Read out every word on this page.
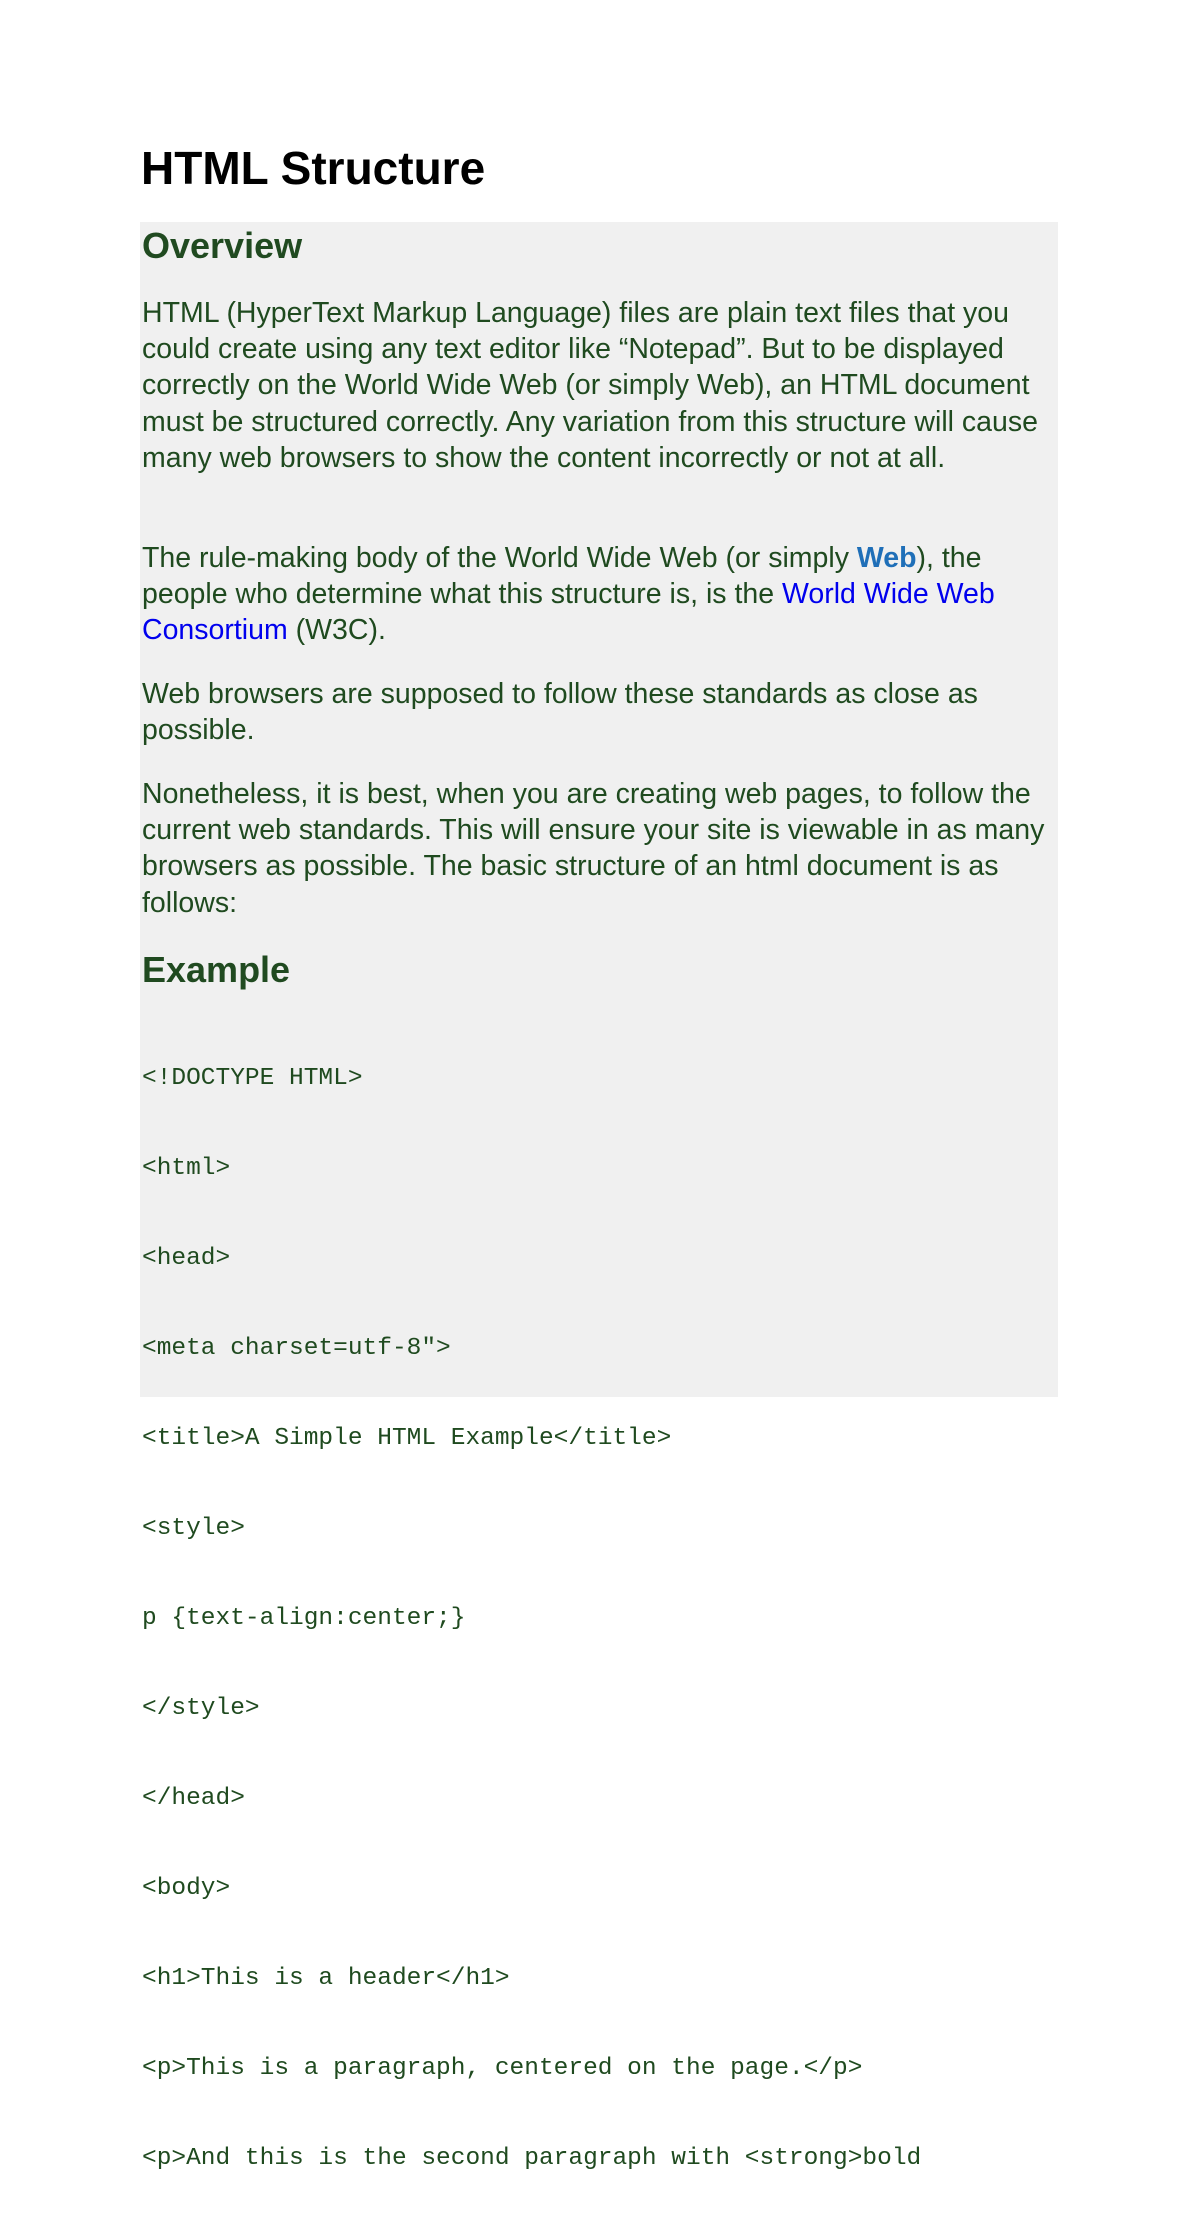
HTML Structure
Overview

HTML (HyperText Markup Language) files are plain text files that you could create using any text editor like “Notepad”. But to be displayed correctly on the World Wide Web (or simply Web), an HTML document must be structured correctly. Any variation from this structure will cause many web browsers to show the content incorrectly or not at all.

The rule-making body of the World Wide Web (or simply Web), the people who determine what this structure is, is the World Wide Web Consortium (W3C).

Web browsers are supposed to follow these standards as close as possible.

Nonetheless, it is best, when you are creating web pages, to follow the current web standards. This will ensure your site is viewable in as many browsers as possible. The basic structure of an html document is as follows:

Example

<!DOCTYPE HTML>

<html>

<head>

<meta charset=utf-8">

<title>A Simple HTML Example</title>

<style>

p {text-align:center;}

</style>

</head>

<body>

<h1>This is a header</h1>

<p>This is a paragraph, centered on the page.</p>

<p>And this is the second paragraph with <strong>bold
